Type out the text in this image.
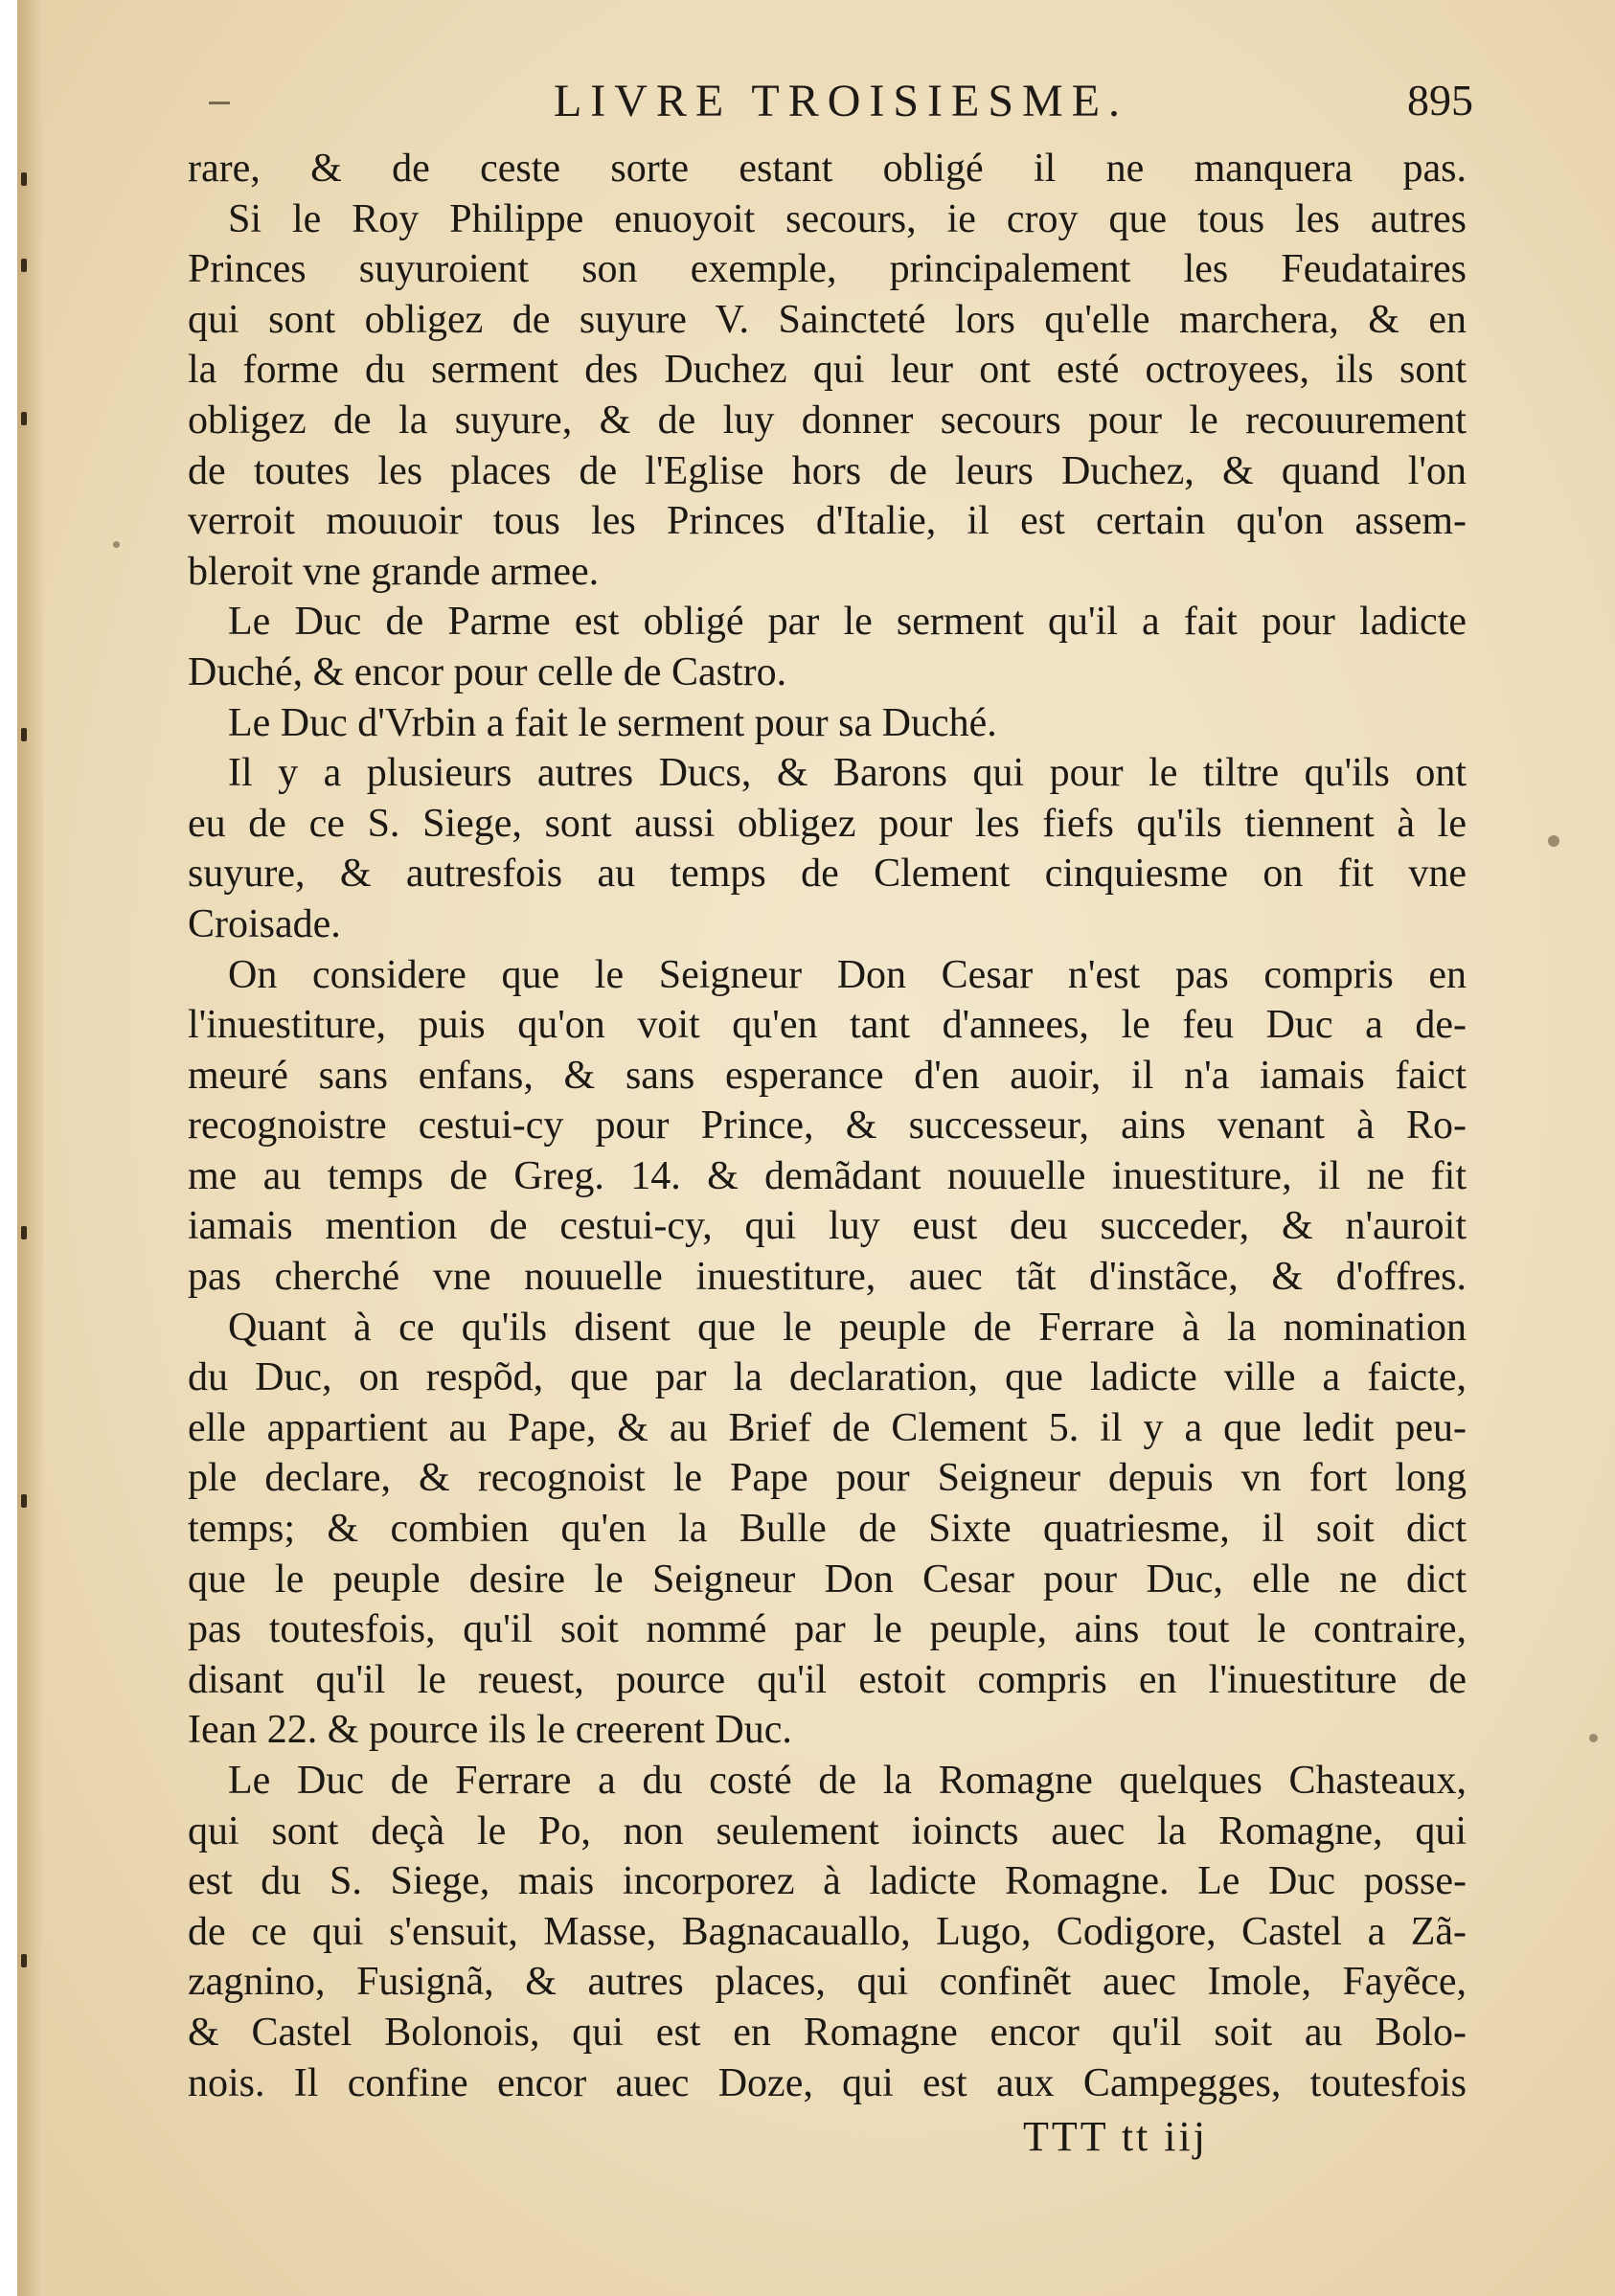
LIVRE TROISIESME.	895
rare, & de ceste sorte estant obligé il ne manquera pas.
Si le Roy Philippe enuoyoit secours, ie croy que tous les autres
Princes suyuroient son exemple, principalement les Feudataires
qui sont obligez de suyure V. Saincteté lors qu'elle marchera, & en
la forme du serment des Duchez qui leur ont esté octroyees, ils sont
obligez de la suyure, & de luy donner secours pour le recouurement
de toutes les places de l'Eglise hors de leurs Duchez, & quand l'on
verroit mouuoir tous les Princes d'Italie, il est certain qu'on assem-
bleroit vne grande armee.
Le Duc de Parme est obligé par le serment qu'il a fait pour ladicte
Duché, & encor pour celle de Castro.
Le Duc d'Vrbin a fait le serment pour sa Duché.
Il y a plusieurs autres Ducs, & Barons qui pour le tiltre qu'ils ont
eu de ce S. Siege, sont aussi obligez pour les fiefs qu'ils tiennent à le
suyure, & autresfois au temps de Clement cinquiesme on fit vne
Croisade.
On considere que le Seigneur Don Cesar n'est pas compris en
l'inuestiture, puis qu'on voit qu'en tant d'annees, le feu Duc a de-
meuré sans enfans, & sans esperance d'en auoir, il n'a iamais faict
recognoistre cestui-cy pour Prince, & successeur, ains venant à Ro-
me au temps de Greg. 14. & demãdant nouuelle inuestiture, il ne fit
iamais mention de cestui-cy, qui luy eust deu succeder, & n'auroit
pas cherché vne nouuelle inuestiture, auec tãt d'instãce, & d'offres.
Quant à ce qu'ils disent que le peuple de Ferrare à la nomination
du Duc, on respõd, que par la declaration, que ladicte ville a faicte,
elle appartient au Pape, & au Brief de Clement 5. il y a que ledit peu-
ple declare, & recognoist le Pape pour Seigneur depuis vn fort long
temps; & combien qu'en la Bulle de Sixte quatriesme, il soit dict
que le peuple desire le Seigneur Don Cesar pour Duc, elle ne dict
pas toutesfois, qu'il soit nommé par le peuple, ains tout le contraire,
disant qu'il le reuest, pource qu'il estoit compris en l'inuestiture de
Iean 22. & pource ils le creerent Duc.
Le Duc de Ferrare a du costé de la Romagne quelques Chasteaux,
qui sont deçà le Po, non seulement ioincts auec la Romagne, qui
est du S. Siege, mais incorporez à ladicte Romagne. Le Duc posse-
de ce qui s'ensuit, Masse, Bagnacauallo, Lugo, Codigore, Castel a Zã-
zagnino, Fusignã, & autres places, qui confinẽt auec Imole, Fayẽce,
& Castel Bolonois, qui est en Romagne encor qu'il soit au Bolo-
nois. Il confine encor auec Doze, qui est aux Campegges, toutesfois
TTT tt iij
